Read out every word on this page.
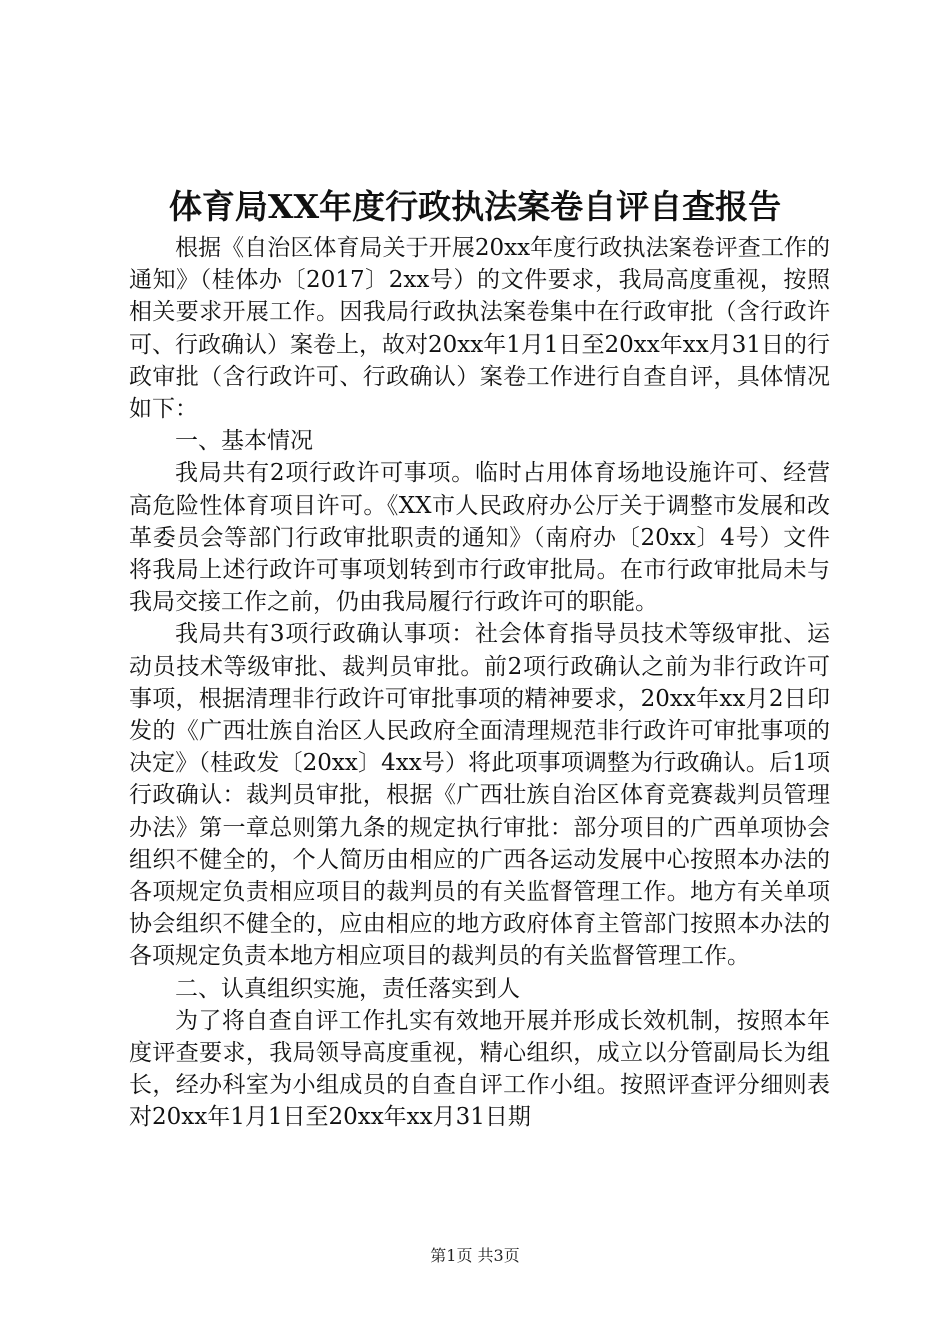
体育局XX年度行政执法案卷自评自查报告

根据《自治区体育局关于开展20xx年度行政执法案卷评查工作的通知》（桂体办〔2017〕2xx号）的文件要求，我局高度重视，按照相关要求开展工作。因我局行政执法案卷集中在行政审批（含行政许可、行政确认）案卷上，故对20xx年1月1日至20xx年xx月31日的行政审批（含行政许可、行政确认）案卷工作进行自查自评，具体情况如下：

一、基本情况

我局共有2项行政许可事项。临时占用体育场地设施许可、经营高危险性体育项目许可。《XX市人民政府办公厅关于调整市发展和改革委员会等部门行政审批职责的通知》（南府办〔20xx〕4号）文件将我局上述行政许可事项划转到市行政审批局。在市行政审批局未与我局交接工作之前，仍由我局履行行政许可的职能。

我局共有3项行政确认事项：社会体育指导员技术等级审批、运动员技术等级审批、裁判员审批。前2项行政确认之前为非行政许可事项，根据清理非行政许可审批事项的精神要求，20xx年xx月2日印发的《广西壮族自治区人民政府全面清理规范非行政许可审批事项的决定》（桂政发〔20xx〕4xx号）将此项事项调整为行政确认。后1项行政确认：裁判员审批，根据《广西壮族自治区体育竞赛裁判员管理办法》第一章总则第九条的规定执行审批：部分项目的广西单项协会组织不健全的，个人简历由相应的广西各运动发展中心按照本办法的各项规定负责相应项目的裁判员的有关监督管理工作。地方有关单项协会组织不健全的，应由相应的地方政府体育主管部门按照本办法的各项规定负责本地方相应项目的裁判员的有关监督管理工作。

二、认真组织实施，责任落实到人

为了将自查自评工作扎实有效地开展并形成长效机制，按照本年度评查要求，我局领导高度重视，精心组织，成立以分管副局长为组长，经办科室为小组成员的自查自评工作小组。按照评查评分细则表对20xx年1月1日至20xx年xx月31日期

第1页 共3页
